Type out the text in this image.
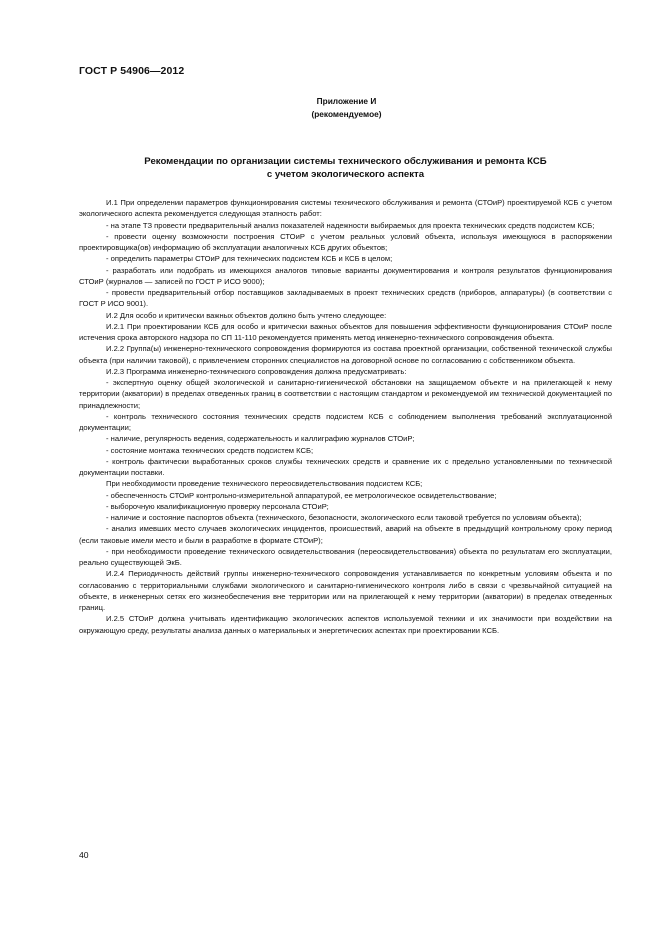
ГОСТ Р 54906—2012
Приложение И
(рекомендуемое)
Рекомендации по организации системы технического обслуживания и ремонта КСБ
с учетом экологического аспекта

И.1 При определении параметров функционирования системы технического обслуживания и ремонта (СТОиР) проектируемой КСБ с учетом экологического аспекта рекомендуется следующая этапность работ:

- на этапе ТЗ провести предварительный анализ показателей надежности выбираемых для проекта технических средств подсистем КСБ;

- провести оценку возможности построения СТОиР с учетом реальных условий объекта, используя имеющуюся в распоряжении проектировщика(ов) информацию об эксплуатации аналогичных КСБ других объектов;

- определить параметры СТОиР для технических подсистем КСБ и КСБ в целом;

- разработать или подобрать из имеющихся аналогов типовые варианты документирования и контроля результатов функционирования СТОиР (журналов — записей по ГОСТ Р ИСО 9000);

- провести предварительный отбор поставщиков закладываемых в проект технических средств (приборов, аппаратуры) (в соответствии с ГОСТ Р ИСО 9001).

И.2 Для особо и критически важных объектов должно быть учтено следующее:

И.2.1 При проектировании КСБ для особо и критически важных объектов для повышения эффективности функционирования СТОиР после истечения срока авторского надзора по СП 11-110 рекомендуется применять метод инженерно-технического сопровождения объекта.

И.2.2 Группа(ы) инженерно-технического сопровождения формируются из состава проектной организации, собственной технической службы объекта (при наличии таковой), с привлечением сторонних специалистов на договорной основе по согласованию с собственником объекта.

И.2.3 Программа инженерно-технического сопровождения должна предусматривать:

- экспертную оценку общей экологической и санитарно-гигиенической обстановки на защищаемом объекте и на прилегающей к нему территории (акватории) в пределах отведенных границ в соответствии с настоящим стандартом и рекомендуемой им технической документацией по принадлежности;

- контроль технического состояния технических средств подсистем КСБ с соблюдением выполнения требований эксплуатационной документации;

- наличие, регулярность ведения, содержательность и каллиграфию журналов СТОиР;

- состояние монтажа технических средств подсистем КСБ;

- контроль фактически выработанных сроков службы технических средств и сравнение их с предельно установленными по технической документации поставки.

При необходимости проведение технического переосвидетельствования подсистем КСБ;

- обеспеченность СТОиР контрольно-измерительной аппаратурой, ее метрологическое освидетельствование;

- выборочную квалификационную проверку персонала СТОиР;

- наличие и состояние паспортов объекта (технического, безопасности, экологического если таковой требуется по условиям объекта);

- анализ имевших место случаев экологических инцидентов, происшествий, аварий на объекте в предыдущий контрольному сроку период (если таковые имели место и были в разработке в формате СТОиР);

- при необходимости проведение технического освидетельствования (переосвидетельствования) объекта по результатам его эксплуатации, реально существующей ЭкБ.

И.2.4 Периодичность действий группы инженерно-технического сопровождения устанавливается по конкретным условиям объекта и по согласованию с территориальными службами экологического и санитарно-гигиенического контроля либо в связи с чрезвычайной ситуацией на объекте, в инженерных сетях его жизнеобеспечения вне территории или на прилегающей к нему территории (акватории) в пределах отведенных границ.

И.2.5 СТОиР должна учитывать идентификацию экологических аспектов используемой техники и их значимости при воздействии на окружающую среду, результаты анализа данных о материальных и энергетических аспектах при проектировании КСБ.

40
